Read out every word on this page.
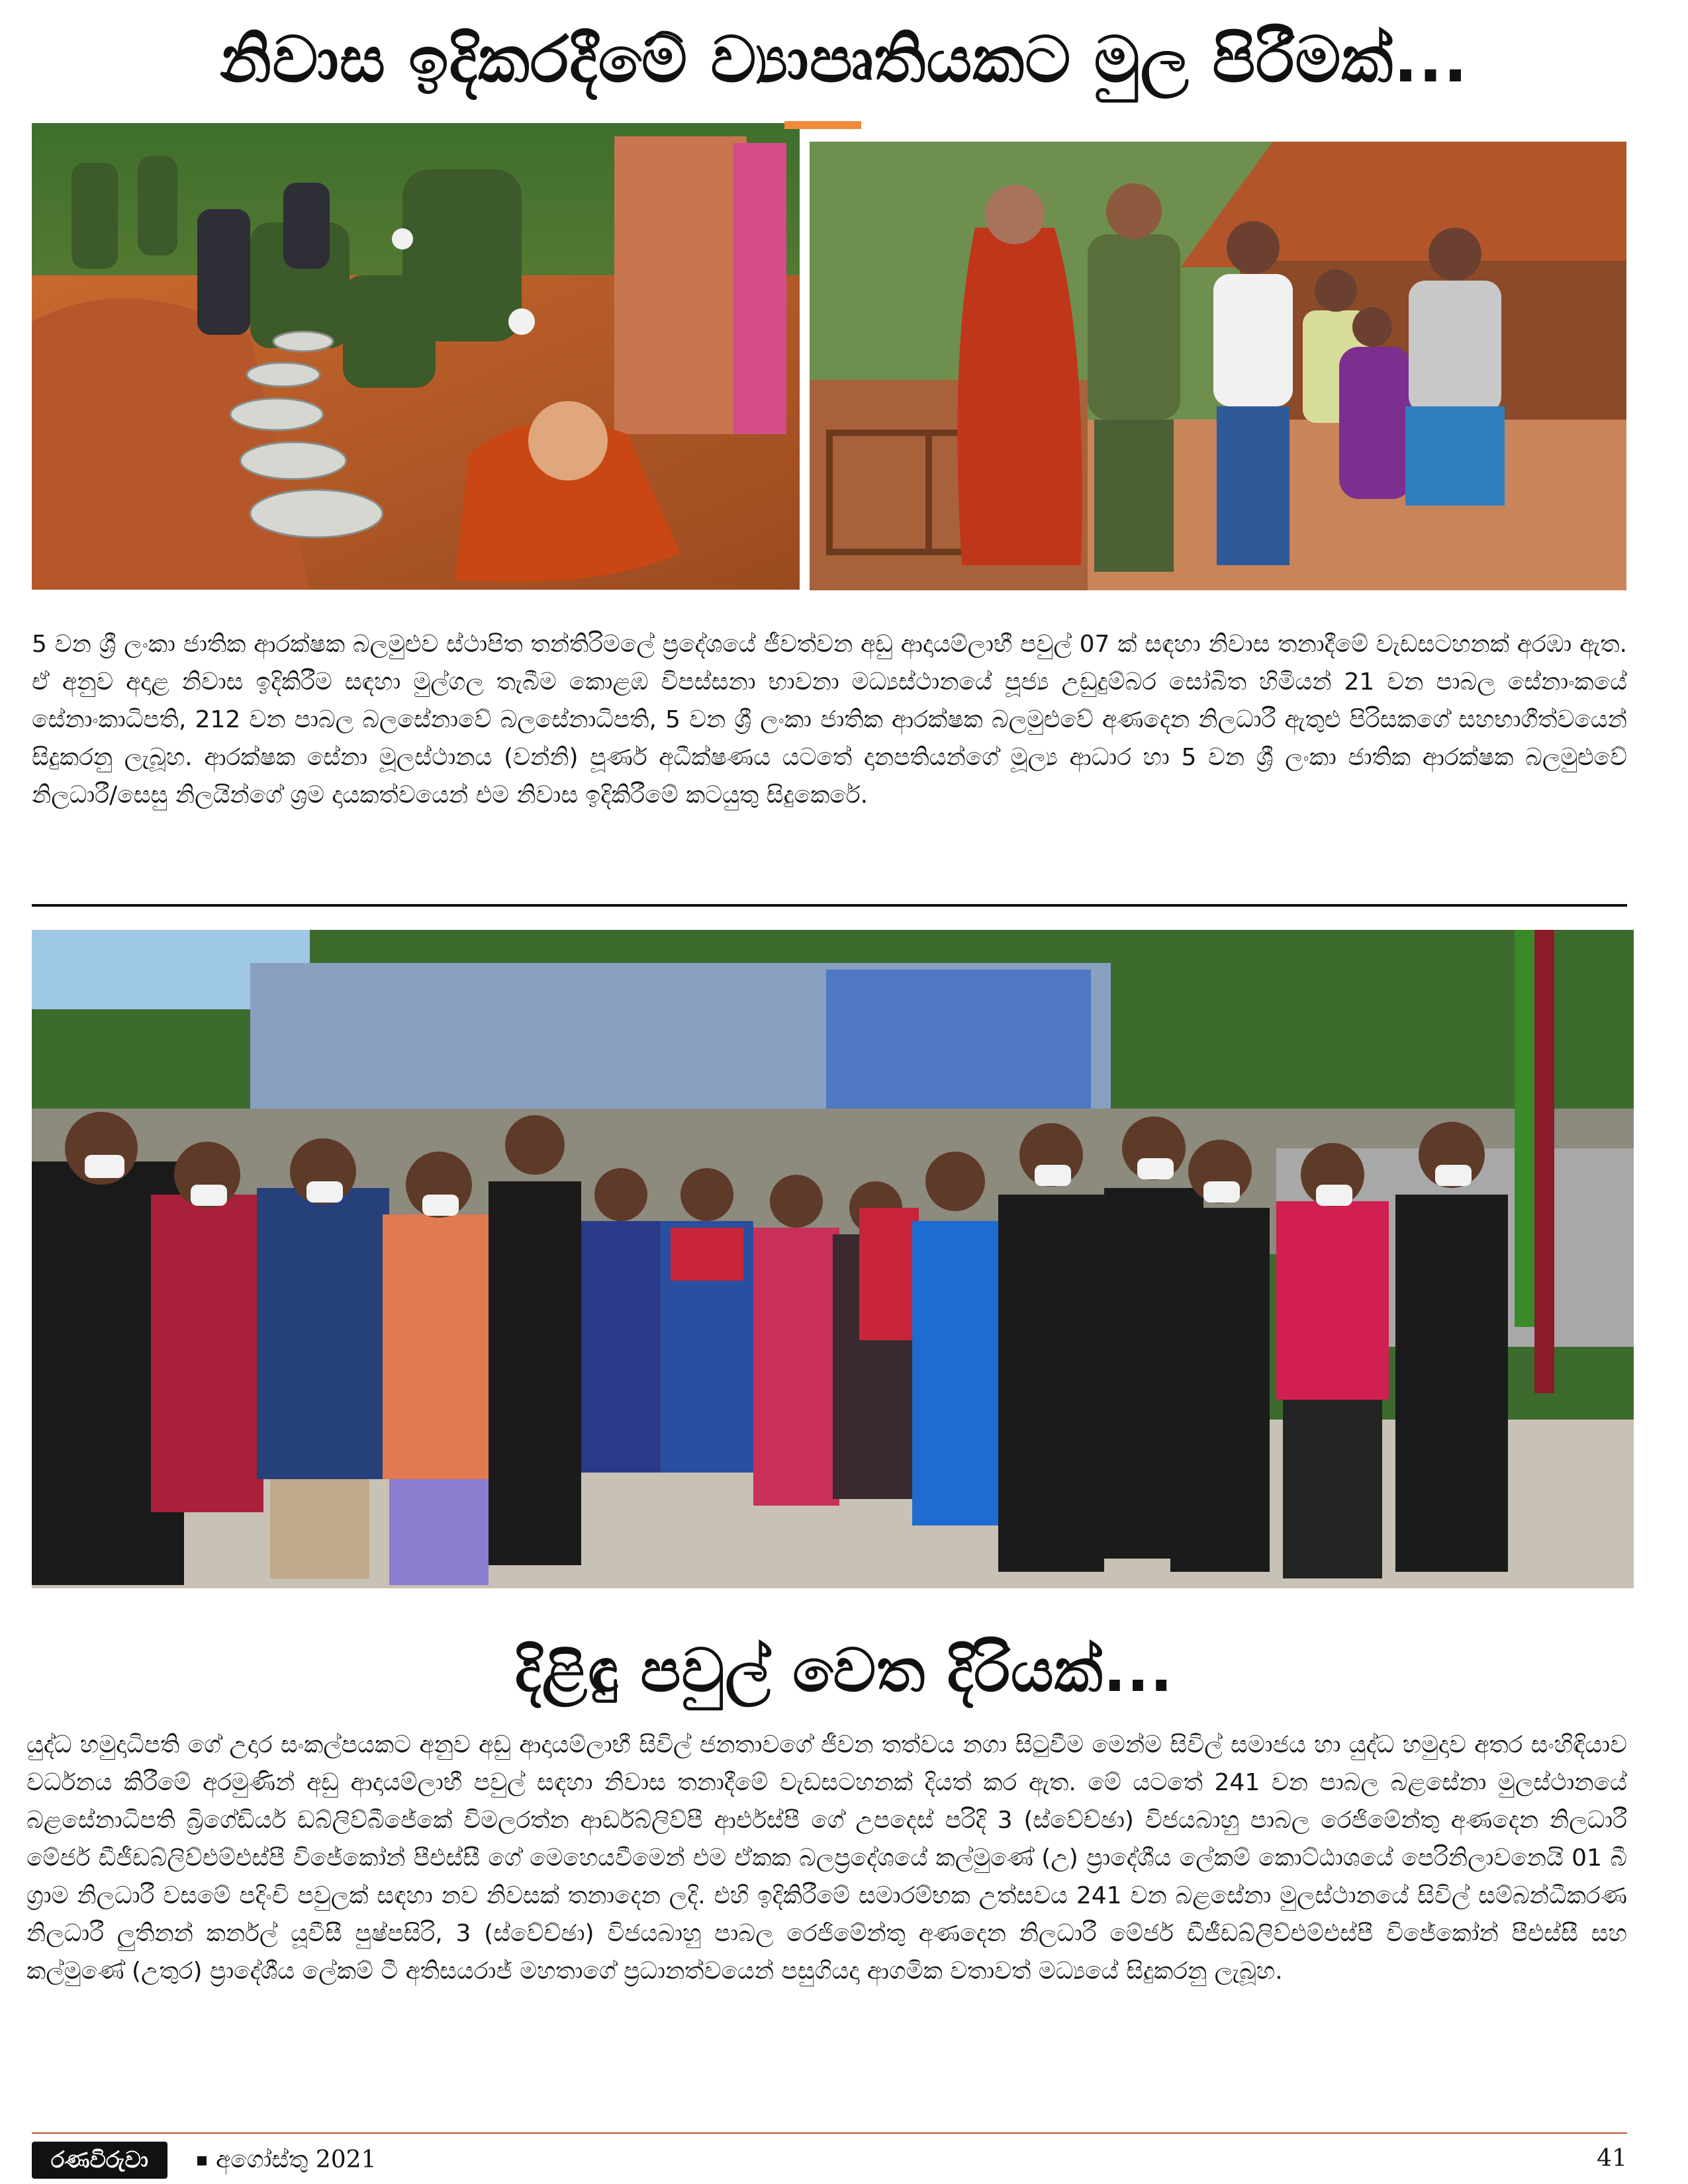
නිවාස ඉදිකරදීමේ ව්‍යාපෘතියකට මුල පිරීමක්...
5 වන ශ්‍රී ලංකා ජාතික ආරක්ෂක බලමුළුව ස්ථාපිත තන්තිරිමලේ ප්‍රදේශයේ ජීවත්වන අඩු ආදායම්ලාභී පවුල් 07 ක් සඳහා නිවාස තනාදීමේ වැඩසටහනක් අරඹා ඇත. ඒ අනුව අදාළ නිවාස ඉදිකිරීම සඳහා මුල්ගල තැබීම කොළඹ විපස්සනා භාවනා මධ්‍යස්ථානයේ පූජ්‍ය උඩුදුම්බර සෝබිත හිමියන් 21 වන පාබල සේනාංකයේ සේනාංකාධිපති, 212 වන පාබල බලසේනාවේ බලසේනාධිපති, 5 වන ශ්‍රී ලංකා ජාතික ආරක්ෂක බලමුළුවේ අණදෙන නිලධාරී ඇතුළු පිරිසකගේ සහභාගීත්වයෙන් සිදුකරනු ලැබූහ. ආරක්ෂක සේනා මූලස්ථානය (වන්නි) පූර්ණ අධීක්ෂණය යටතේ දානපතියන්ගේ මූල්‍ය ආධාර හා 5 වන ශ්‍රී ලංකා ජාතික ආරක්ෂක බලමුළුවේ නිලධාරී/සෙසු නිලයින්ගේ ශ්‍රම දායකත්වයෙන් එම නිවාස ඉදිකිරීමේ කටයුතු සිදුකෙරේ.
දිළිඳු පවුල් වෙත දිරියක්...
යුද්ධ හමුදාධිපති ගේ උදාර සංකල්පයකට අනුව අඩු ආදායම්ලාභී සිවිල් ජනතාවගේ ජීවන තත්වය නගා සිටුවීම මෙන්ම සිවිල් සමාජය හා යුද්ධ හමුදාව අතර සංහිඳියාව වර්ධනය කිරීමේ අරමුණින් අඩු ආදායම්ලාභී පවුල් සඳහා නිවාස තනාදීමේ වැඩසටහනක් දියත් කර ඇත. මේ යටතේ 241 වන පාබල බළසේනා මුලස්ථානයේ බළසේනාධිපති බ්‍රිගේඩියර් ඩබ්ලිව්බීජේකේ විමලරත්න ආර්ඩබ්ලිව්පී ආර්එස්පී ගේ උපදෙස් පරිදි 3 (ස්වේච්ඡා) විජයබාහු පාබල රෙජිමේන්තු අණදෙන නිලධාරී මේජර් ඩීජීඩබ්ලිව්එම්එස්පී විජේකෝන් පීඑස්සී ගේ මෙහෙයවීමෙන් එම ඒකක බලප්‍රදේශයේ කල්මුණේ (උ) ප්‍රාදේශීය ලේකම් කොට්ඨාශයේ පෙරිනිලාවනෙයි 01 බී ග්‍රාම නිලධාරී වසමේ පදිංචි පවුලක් සඳහා නව නිවසක් තනාදෙන ලදි. එහි ඉදිකිරීමේ සමාරම්භක උත්සවය 241 වන බළසේනා මුලස්ථානයේ සිවිල් සම්බන්ධීකරණ නිලධාරී ලුතිනන් කර්නල් යූවීසී පුෂ්පසිරි, 3 (ස්වේච්ඡා) විජයබාහු පාබල රෙජිමේන්තු අණදෙන නිලධාරී මේජර් ඩීජීඩබ්ලිව්එම්එස්පී විජේකෝන් පීඑස්සී සහ කල්මුණේ (උතුර) ප්‍රාදේශීය ලේකම් ටී අතිසයරාජ් මහතාගේ ප්‍රධානත්වයෙන් පසුගියදා ආගමික වතාවත් මධ්‍යයේ සිදුකරනු ලැබූහ.
රණවිරුවා	අගෝස්තු 2021	41
